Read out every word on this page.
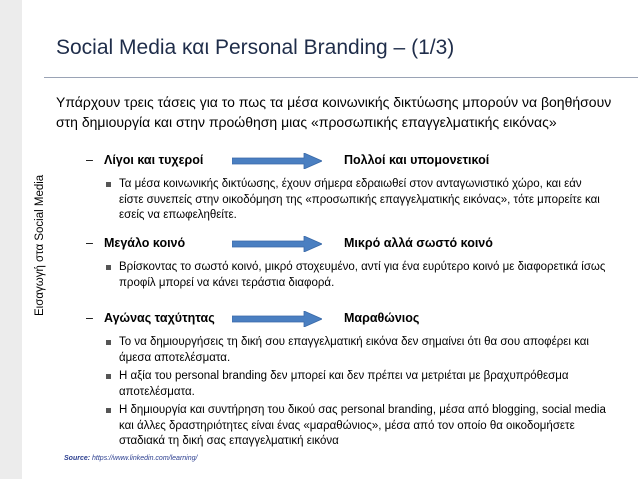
Εισαγωγή στα Social Media
Social Media και Personal Branding – (1/3)
Υπάρχουν τρεις τάσεις για το πως τα μέσα κοινωνικής δικτύωσης μπορούν να βοηθήσουν στη δημιουργία και στην προώθηση μιας «προσωπικής επαγγελματικής εικόνας»
– Λίγοι και τυχεροί	Πολλοί και υπομονετικοί
Τα μέσα κοινωνικής δικτύωσης, έχουν σήμερα εδραιωθεί στον ανταγωνιστικό χώρο, και εάν είστε συνεπείς στην οικοδόμηση της «προσωπικής επαγγελματικής εικόνας», τότε μπορείτε και εσείς να επωφεληθείτε.
– Μεγάλο κοινό	Μικρό αλλά σωστό κοινό
Βρίσκοντας το σωστό κοινό, μικρό στοχευμένο, αντί για ένα ευρύτερο κοινό με διαφορετικά ίσως προφίλ μπορεί να κάνει τεράστια διαφορά.
– Αγώνας ταχύτητας	Μαραθώνιος
Το να δημιουργήσεις τη δική σου επαγγελματική εικόνα δεν σημαίνει ότι θα σου αποφέρει και άμεσα αποτελέσματα.
Η αξία του personal branding δεν μπορεί και δεν πρέπει να μετριέται με βραχυπρόθεσμα αποτελέσματα.
Η δημιουργία και συντήρηση του δικού σας personal branding, μέσα από blogging, social media και άλλες δραστηριότητες είναι ένας «μαραθώνιος», μέσα από τον οποίο θα οικοδομήσετε σταδιακά τη δική σας επαγγελματική εικόνα
Source: https://www.linkedin.com/learning/
